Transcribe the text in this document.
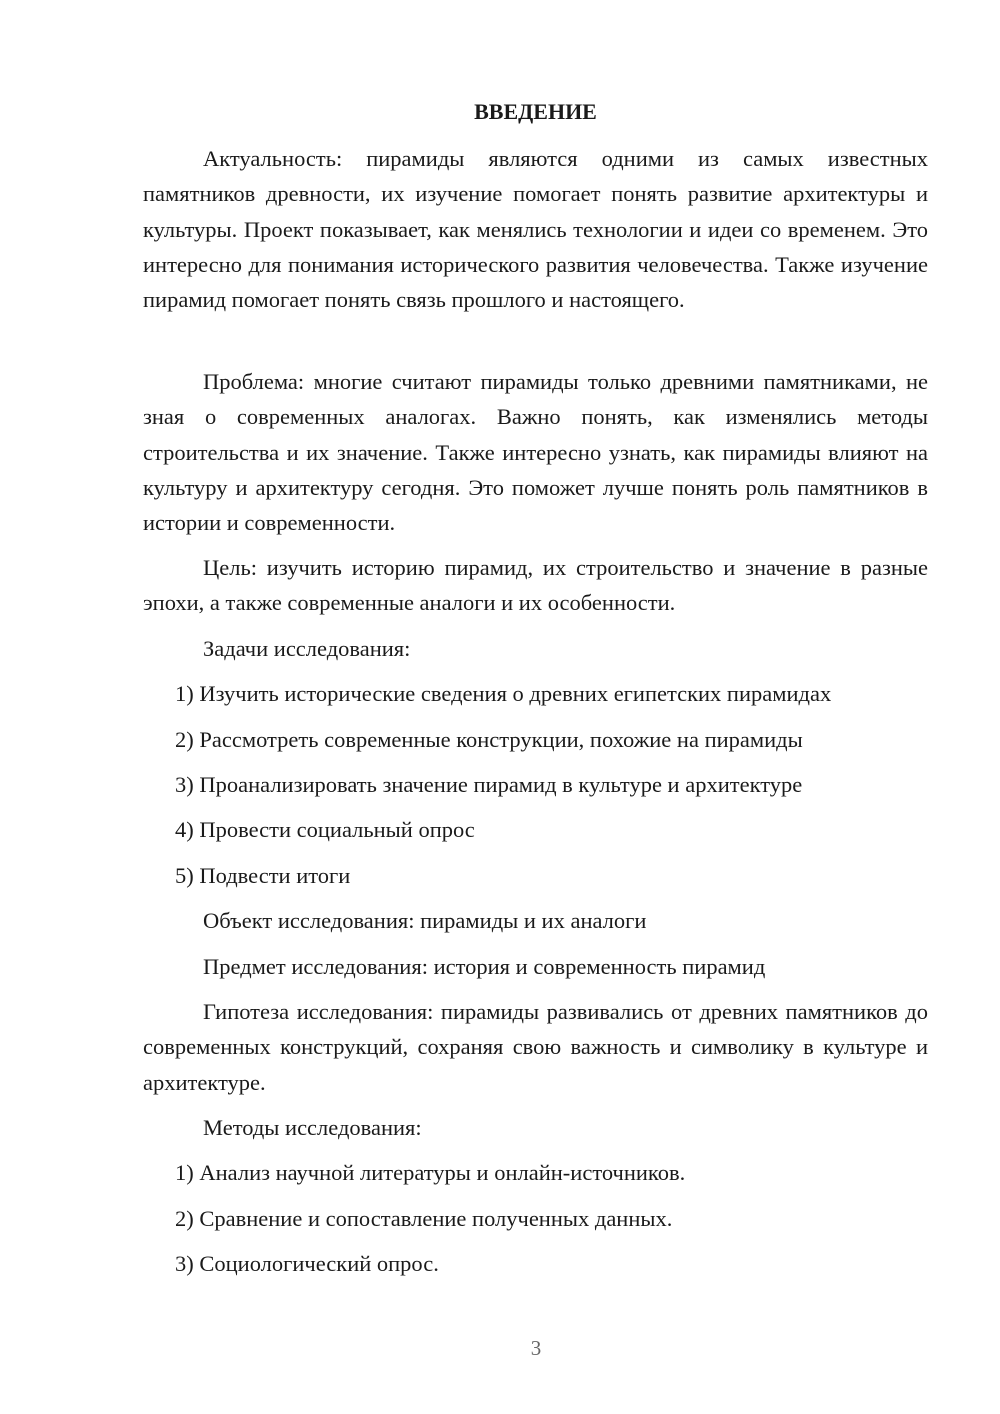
ВВЕДЕНИЕ

Актуальность: пирамиды являются одними из самых известных памятников древности, их изучение помогает понять развитие архитектуры и культуры. Проект показывает, как менялись технологии и идеи со временем. Это интересно для понимания исторического развития человечества. Также изучение пирамид помогает понять связь прошлого и настоящего.

Проблема: многие считают пирамиды только древними памятниками, не зная о современных аналогах. Важно понять, как изменялись методы строительства и их значение. Также интересно узнать, как пирамиды влияют на культуру и архитектуру сегодня. Это поможет лучше понять роль памятников в истории и современности.

Цель: изучить историю пирамид, их строительство и значение в разные эпохи, а также современные аналоги и их особенности.

Задачи исследования:

1) Изучить исторические сведения о древних египетских пирамидах

2) Рассмотреть современные конструкции, похожие на пирамиды

3) Проанализировать значение пирамид в культуре и архитектуре

4) Провести социальный опрос

5) Подвести итоги

Объект исследования: пирамиды и их аналоги

Предмет исследования: история и современность пирамид

Гипотеза исследования: пирамиды развивались от древних памятников до современных конструкций, сохраняя свою важность и символику в культуре и архитектуре.

Методы исследования:

1) Анализ научной литературы и онлайн-источников.

2) Сравнение и сопоставление полученных данных.

3) Социологический опрос.

3
